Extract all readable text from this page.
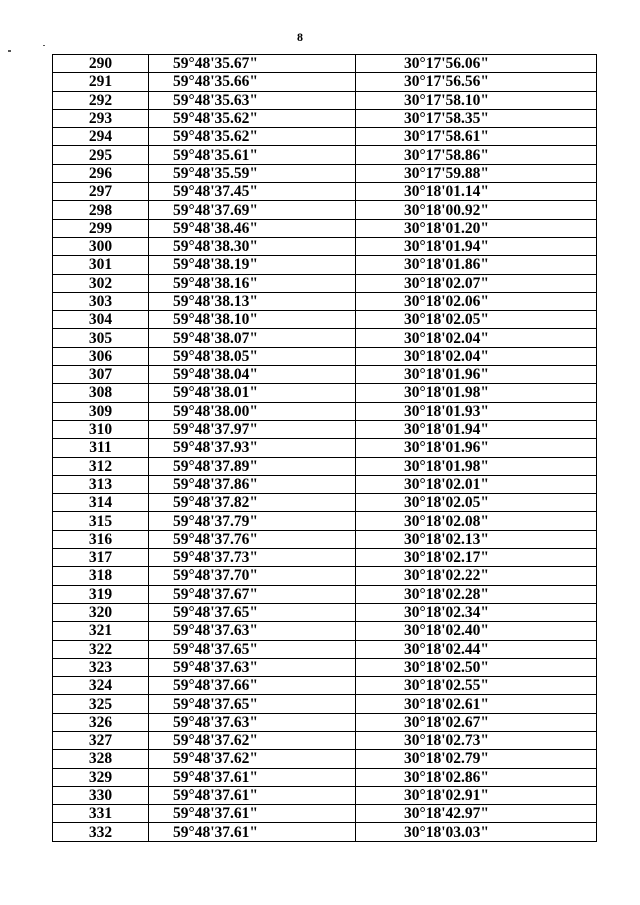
8
290	59°48'35.67"	30°17'56.06"
291	59°48'35.66"	30°17'56.56"
292	59°48'35.63"	30°17'58.10"
293	59°48'35.62"	30°17'58.35"
294	59°48'35.62"	30°17'58.61"
295	59°48'35.61"	30°17'58.86"
296	59°48'35.59"	30°17'59.88"
297	59°48'37.45"	30°18'01.14"
298	59°48'37.69"	30°18'00.92"
299	59°48'38.46"	30°18'01.20"
300	59°48'38.30"	30°18'01.94"
301	59°48'38.19"	30°18'01.86"
302	59°48'38.16"	30°18'02.07"
303	59°48'38.13"	30°18'02.06"
304	59°48'38.10"	30°18'02.05"
305	59°48'38.07"	30°18'02.04"
306	59°48'38.05"	30°18'02.04"
307	59°48'38.04"	30°18'01.96"
308	59°48'38.01"	30°18'01.98"
309	59°48'38.00"	30°18'01.93"
310	59°48'37.97"	30°18'01.94"
311	59°48'37.93"	30°18'01.96"
312	59°48'37.89"	30°18'01.98"
313	59°48'37.86"	30°18'02.01"
314	59°48'37.82"	30°18'02.05"
315	59°48'37.79"	30°18'02.08"
316	59°48'37.76"	30°18'02.13"
317	59°48'37.73"	30°18'02.17"
318	59°48'37.70"	30°18'02.22"
319	59°48'37.67"	30°18'02.28"
320	59°48'37.65"	30°18'02.34"
321	59°48'37.63"	30°18'02.40"
322	59°48'37.65"	30°18'02.44"
323	59°48'37.63"	30°18'02.50"
324	59°48'37.66"	30°18'02.55"
325	59°48'37.65"	30°18'02.61"
326	59°48'37.63"	30°18'02.67"
327	59°48'37.62"	30°18'02.73"
328	59°48'37.62"	30°18'02.79"
329	59°48'37.61"	30°18'02.86"
330	59°48'37.61"	30°18'02.91"
331	59°48'37.61"	30°18'42.97"
332	59°48'37.61"	30°18'03.03"
